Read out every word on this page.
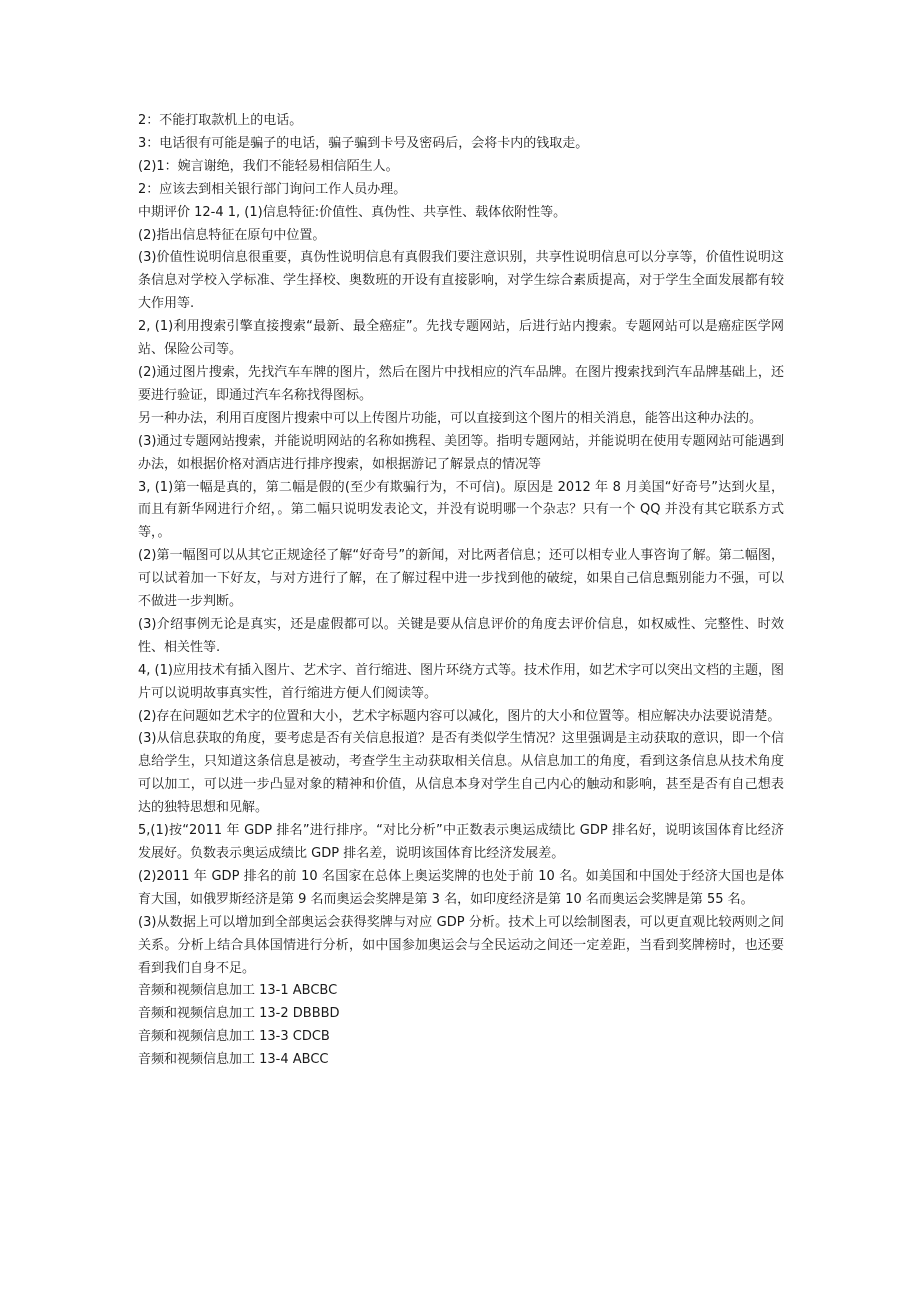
2：不能打取款机上的电话。

3：电话很有可能是骗子的电话，骗子骗到卡号及密码后，会将卡内的钱取走。

(2)1：婉言谢绝，我们不能轻易相信陌生人。

2：应该去到相关银行部门询问工作人员办理。

中期评价 12-4 1, (1)信息特征:价值性、真伪性、共享性、载体依附性等。

(2)指出信息特征在原句中位置。

(3)价值性说明信息很重要，真伪性说明信息有真假我们要注意识别，共享性说明信息可以分享等，价值性说明这条信息对学校入学标准、学生择校、奥数班的开设有直接影响，对学生综合素质提高，对于学生全面发展都有较大作用等.

2, (1)利用搜索引擎直接搜索“最新、最全癌症”。先找专题网站，后进行站内搜索。专题网站可以是癌症医学网站、保险公司等。

(2)通过图片搜索，先找汽车车牌的图片，然后在图片中找相应的汽车品牌。在图片搜索找到汽车品牌基础上，还要进行验证，即通过汽车名称找得图标。

另一种办法，利用百度图片搜索中可以上传图片功能，可以直接到这个图片的相关消息，能答出这种办法的。

(3)通过专题网站搜索，并能说明网站的名称如携程、美团等。指明专题网站，并能说明在使用专题网站可能遇到办法，如根据价格对酒店进行排序搜索，如根据游记了解景点的情况等

3, (1)第一幅是真的，第二幅是假的(至少有欺骗行为，不可信)。原因是 2012 年 8 月美国“好奇号”达到火星，而且有新华网进行介绍，。第二幅只说明发表论文，并没有说明哪一个杂志？只有一个 QQ 并没有其它联系方式等，。

(2)第一幅图可以从其它正规途径了解“好奇号”的新闻，对比两者信息；还可以相专业人事咨询了解。第二幅图，可以试着加一下好友，与对方进行了解，在了解过程中进一步找到他的破绽，如果自己信息甄别能力不强，可以不做进一步判断。

(3)介绍事例无论是真实，还是虚假都可以。关键是要从信息评价的角度去评价信息，如权威性、完整性、时效性、相关性等.

4, (1)应用技术有插入图片、艺术字、首行缩进、图片环绕方式等。技术作用，如艺术字可以突出文档的主题，图片可以说明故事真实性，首行缩进方便人们阅读等。

(2)存在问题如艺术字的位置和大小，艺术字标题内容可以减化，图片的大小和位置等。相应解决办法要说清楚。

(3)从信息获取的角度，要考虑是否有关信息报道？是否有类似学生情况？这里强调是主动获取的意识，即一个信息给学生，只知道这条信息是被动，考查学生主动获取相关信息。从信息加工的角度，看到这条信息从技术角度可以加工，可以进一步凸显对象的精神和价值，从信息本身对学生自己内心的触动和影响，甚至是否有自己想表达的独特思想和见解。

5,(1)按“2011 年 GDP 排名”进行排序。“对比分析”中正数表示奥运成绩比 GDP 排名好，说明该国体育比经济发展好。负数表示奥运成绩比 GDP 排名差，说明该国体育比经济发展差。

(2)2011 年 GDP 排名的前 10 名国家在总体上奥运奖牌的也处于前 10 名。如美国和中国处于经济大国也是体育大国，如俄罗斯经济是第 9 名而奥运会奖牌是第 3 名，如印度经济是第 10 名而奥运会奖牌是第 55 名。

(3)从数据上可以增加到全部奥运会获得奖牌与对应 GDP 分析。技术上可以绘制图表，可以更直观比较两则之间关系。分析上结合具体国情进行分析，如中国参加奥运会与全民运动之间还一定差距，当看到奖牌榜时，也还要看到我们自身不足。

音频和视频信息加工 13-1 ABCBC

音频和视频信息加工 13-2 DBBBD

音频和视频信息加工 13-3 CDCB

音频和视频信息加工 13-4 ABCC
